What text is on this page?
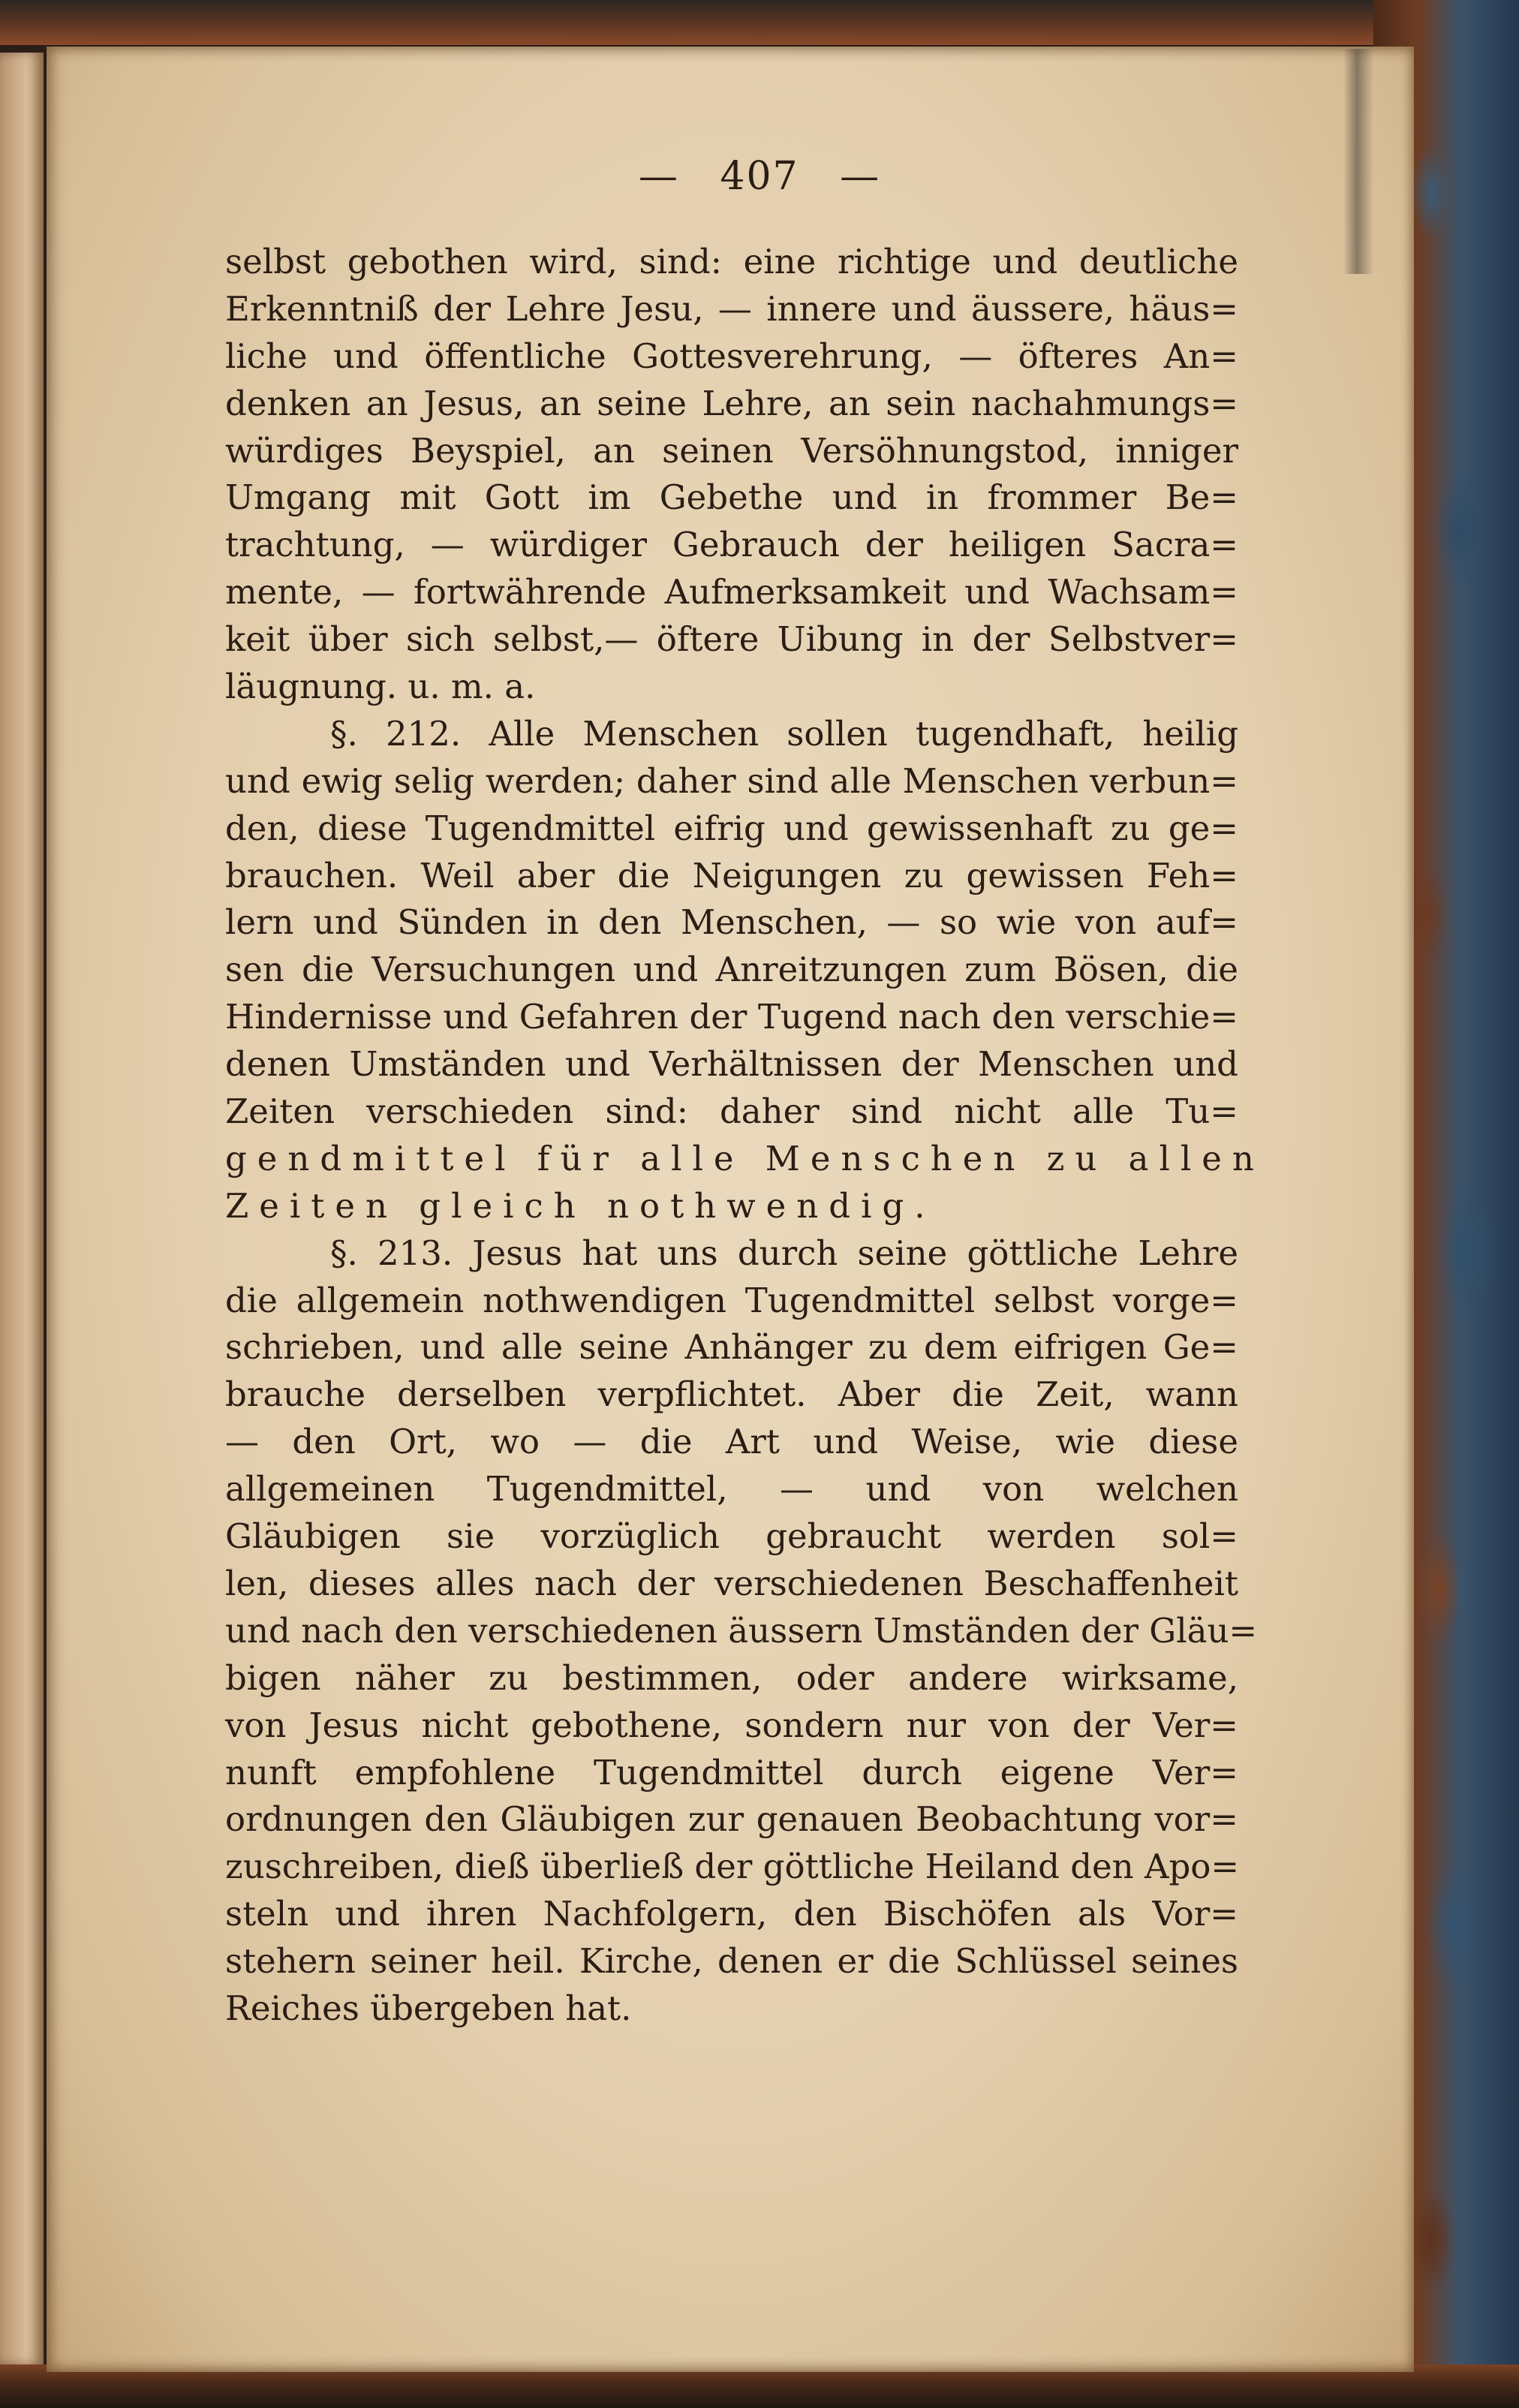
— 407 —
selbst gebothen wird, sind: eine richtige und deutliche
Erkenntniß der Lehre Jesu, — innere und äussere, häus=
liche und öffentliche Gottesverehrung, — öfteres An=
denken an Jesus, an seine Lehre, an sein nachahmungs=
würdiges Beyspiel, an seinen Versöhnungstod, inniger
Umgang mit Gott im Gebethe und in frommer Be=
trachtung, — würdiger Gebrauch der heiligen Sacra=
mente, — fortwährende Aufmerksamkeit und Wachsam=
keit über sich selbst,— öftere Uibung in der Selbstver=
läugnung. u. m. a.
§. 212. Alle Menschen sollen tugendhaft, heilig
und ewig selig werden; daher sind alle Menschen verbun=
den, diese Tugendmittel eifrig und gewissenhaft zu ge=
brauchen. Weil aber die Neigungen zu gewissen Feh=
lern und Sünden in den Menschen, — so wie von auf=
sen die Versuchungen und Anreitzungen zum Bösen, die
Hindernisse und Gefahren der Tugend nach den verschie=
denen Umständen und Verhältnissen der Menschen und
Zeiten verschieden sind: daher sind nicht alle Tu=
gendmittel für alle Menschen zu allen
Zeiten gleich nothwendig.
§. 213. Jesus hat uns durch seine göttliche Lehre
die allgemein nothwendigen Tugendmittel selbst vorge=
schrieben, und alle seine Anhänger zu dem eifrigen Ge=
brauche derselben verpflichtet. Aber die Zeit, wann
— den Ort, wo — die Art und Weise, wie diese
allgemeinen Tugendmittel, — und von welchen
Gläubigen sie vorzüglich gebraucht werden sol=
len, dieses alles nach der verschiedenen Beschaffenheit
und nach den verschiedenen äussern Umständen der Gläu=
bigen näher zu bestimmen, oder andere wirksame,
von Jesus nicht gebothene, sondern nur von der Ver=
nunft empfohlene Tugendmittel durch eigene Ver=
ordnungen den Gläubigen zur genauen Beobachtung vor=
zuschreiben, dieß überließ der göttliche Heiland den Apo=
steln und ihren Nachfolgern, den Bischöfen als Vor=
stehern seiner heil. Kirche, denen er die Schlüssel seines
Reiches übergeben hat.
